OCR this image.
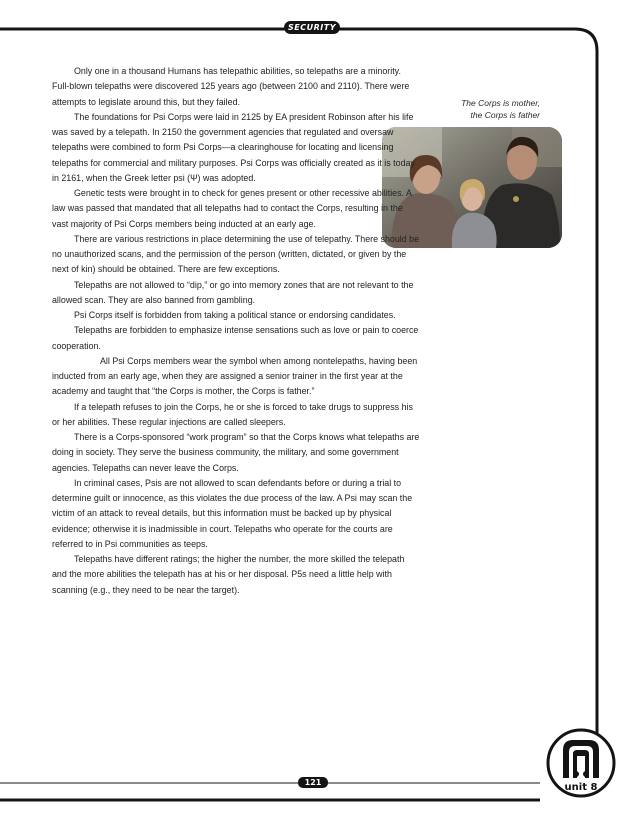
SECURITY
The Corps is mother,
the Corps is father

Only one in a thousand Humans has telepathic abilities, so telepaths are a minority. Full-blown telepaths were discovered 125 years ago (between 2100 and 2110). There were attempts to legislate around this, but they failed.

The foundations for Psi Corps were laid in 2125 by EA president Robinson after his life was saved by a telepath. In 2150 the government agencies that regulated and oversaw telepaths were combined to form Psi Corps—a clearinghouse for locating and licensing telepaths for commercial and military purposes. Psi Corps was officially created as it is today in 2161, when the Greek letter psi (Ψ) was adopted.

Genetic tests were brought in to check for genes present or other recessive abilities. A law was passed that mandated that all telepaths had to contact the Corps, resulting in the vast majority of Psi Corps members being inducted at an early age.

There are various restrictions in place determining the use of telepathy. There should be no unauthorized scans, and the permission of the person (written, dictated, or given by the next of kin) should be obtained. There are few exceptions.

Telepaths are not allowed to “dip,” or go into memory zones that are not relevant to the allowed scan. They are also banned from gambling.

Psi Corps itself is forbidden from taking a political stance or endorsing candidates.

Telepaths are forbidden to emphasize intense sensations such as love or pain to coerce cooperation.

All Psi Corps members wear the symbol when among nontelepaths, having been inducted from an early age, when they are assigned a senior trainer in the first year at the academy and taught that “the Corps is mother, the Corps is father.”

If a telepath refuses to join the Corps, he or she is forced to take drugs to suppress his or her abilities. These regular injections are called sleepers.

There is a Corps-sponsored “work program” so that the Corps knows what telepaths are doing in society. They serve the business community, the military, and some government agencies. Telepaths can never leave the Corps.

In criminal cases, Psis are not allowed to scan defendants before or during a trial to determine guilt or innocence, as this violates the due process of the law. A Psi may scan the victim of an attack to reveal details, but this information must be backed up by physical evidence; otherwise it is inadmissible in court. Telepaths who operate for the courts are referred to in Psi communities as teeps.

Telepaths have different ratings; the higher the number, the more skilled the telepath and the more abilities the telepath has at his or her disposal. P5s need a little help with scanning (e.g., they need to be near the target).

121	unit 8
